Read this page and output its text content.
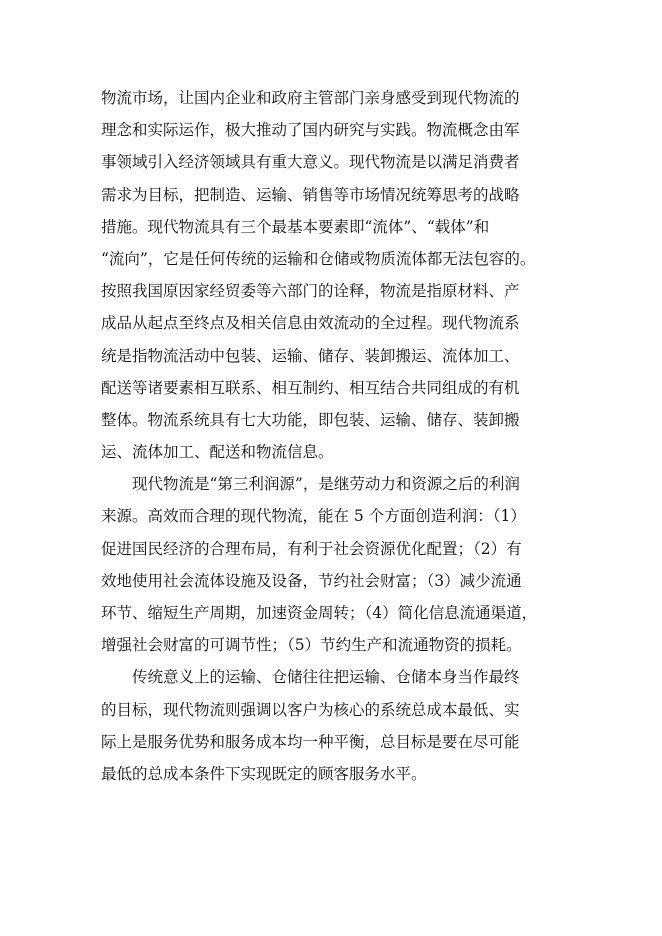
物流市场，让国内企业和政府主管部门亲身感受到现代物流的
理念和实际运作，极大推动了国内研究与实践。物流概念由军
事领域引入经济领域具有重大意义。现代物流是以满足消费者
需求为目标，把制造、运输、销售等市场情况统筹思考的战略
措施。现代物流具有三个最基本要素即“流体”、“载体”和
“流向”，它是任何传统的运输和仓储或物质流体都无法包容的。
按照我国原因家经贸委等六部门的诠释，物流是指原材料、产
成品从起点至终点及相关信息由效流动的全过程。现代物流系
统是指物流活动中包装、运输、储存、装卸搬运、流体加工、
配送等诸要素相互联系、相互制约、相互结合共同组成的有机
整体。物流系统具有七大功能，即包装、运输、储存、装卸搬
运、流体加工、配送和物流信息。
　　现代物流是“第三利润源”，是继劳动力和资源之后的利润
来源。高效而合理的现代物流，能在 5 个方面创造利润：（1）
促进国民经济的合理布局，有利于社会资源优化配置；（2）有
效地使用社会流体设施及设备，节约社会财富；（3）减少流通
环节、缩短生产周期，加速资金周转；（4）简化信息流通渠道，
增强社会财富的可调节性；（5）节约生产和流通物资的损耗。
　　传统意义上的运输、仓储往往把运输、仓储本身当作最终
的目标，现代物流则强调以客户为核心的系统总成本最低、实
际上是服务优势和服务成本均一种平衡，总目标是要在尽可能
最低的总成本条件下实现既定的顾客服务水平。
